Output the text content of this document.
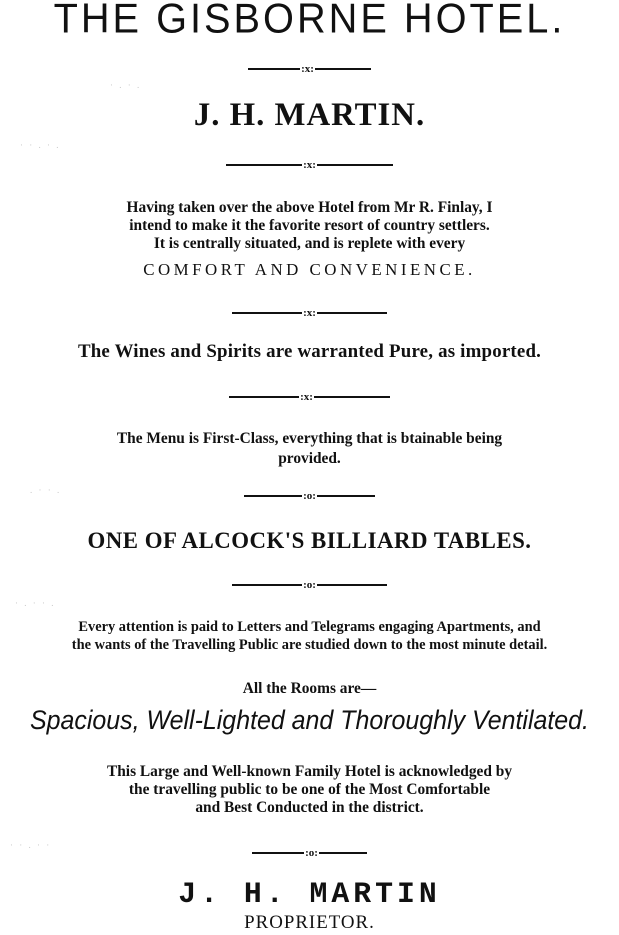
THE GISBORNE HOTEL.
:x:
J. H. MARTIN.
:x:
Having taken over the above Hotel from Mr R. Finlay, I
intend to make it the favorite resort of country settlers.
It is centrally situated, and is replete with every
COMFORT AND CONVENIENCE.
:x:
The Wines and Spirits are warranted Pure, as imported.
:x:
The Menu is First-Class, everything that is btainable being
provided.
:o:
ONE OF ALCOCK'S BILLIARD TABLES.
:o:
Every attention is paid to Letters and Telegrams engaging Apartments, and
the wants of the Travelling Public are studied down to the most minute detail.
All the Rooms are—
Spacious, Well-Lighted and Thoroughly Ventilated.
This Large and Well-known Family Hotel is acknowledged by
the travelling public to be one of the Most Comfortable
and Best Conducted in the district.
:o:
J. H. MARTIN
PROPRIETOR.
· . · .
· · . · .
. · · .
· . · · .
· · . · ·
